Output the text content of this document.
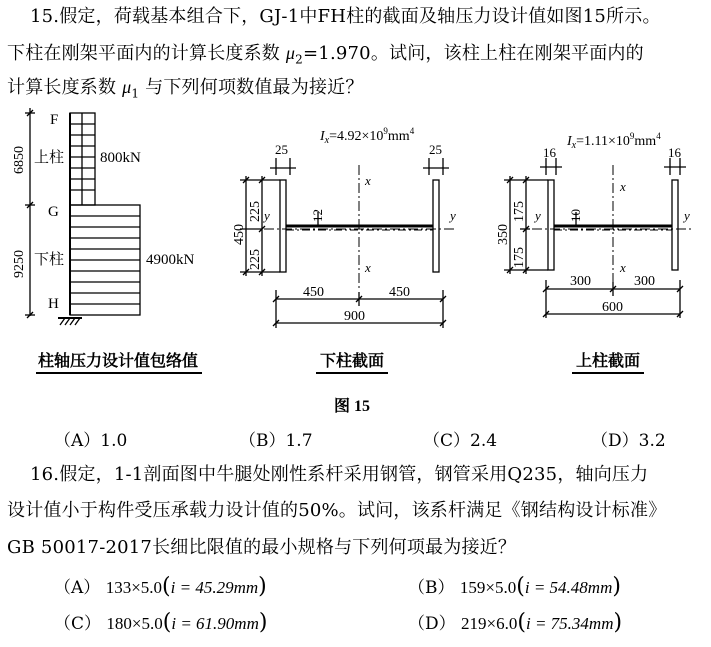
15.假定，荷载基本组合下，GJ-1中FH柱的截面及轴压力设计值如图15所示。
下柱在刚架平面内的计算长度系数 $\mu_2=1.970$。试问，该柱上柱在刚架平面内的
计算长度系数 $\mu_1$ 与下列何项数值最为接近？
F
G
H
上柱
下柱
800kN
4900kN
6850
9250
$I_x=4.92\times 10^9mm^4$
25	25
12
450
225
225
450	450
900
x
x
y	y
$I_x=1.11\times 10^9mm^4$
16	16
10
350
175
175
300	300
600
x
x
y	y
图 15
柱轴压力设计值包络值	下柱截面	上柱截面
（A）1.0	（B）1.7	（C）2.4	（D）3.2
16.假定，1-1剖面图中牛腿处刚性系杆采用钢管，钢管采用Q235，轴向压力
设计值小于构件受压承载力设计值的50%。试问，该系杆满足《钢结构设计标准》
GB 50017-2017长细比限值的最小规格与下列何项最为接近？
（A） 133×5.0(i = 45.29mm)	（B） 159×5.0(i = 54.48mm)
（C） 180×5.0(i = 61.90mm)	（D） 219×6.0(i = 75.34mm)
